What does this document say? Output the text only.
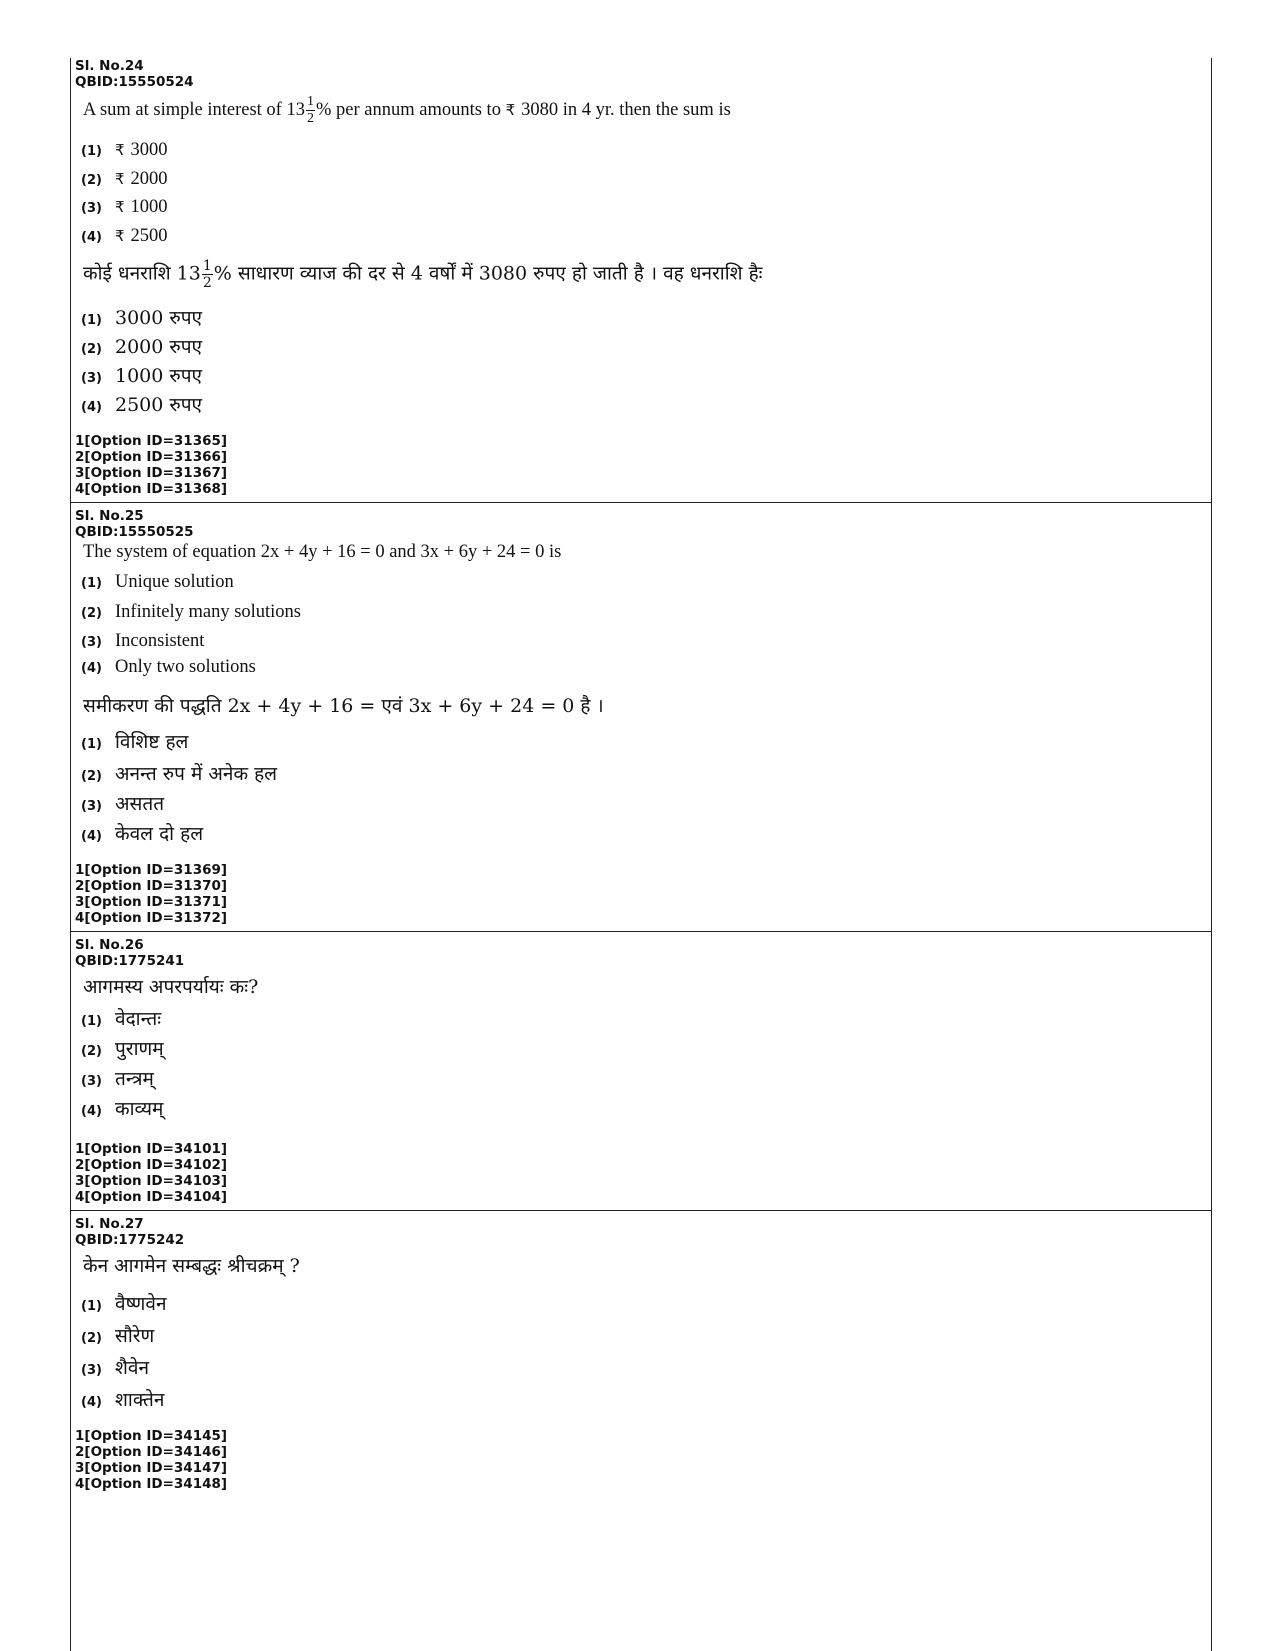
Sl. No.24
QBID:15550524
A sum at simple interest of $13 \frac{1}{2}$ % per annum amounts to ₹ 3080 in 4 yr. then the sum is
(1) ₹ 3000
(2) ₹ 2000
(3) ₹ 1000
(4) ₹ 2500
कोई धनराशि $13 \frac{1}{2}$ % साधारण व्याज की दर से 4 वर्षों में 3080 रुपए हो जाती है । वह धनराशि हैः
(1) 3000 रुपए
(2) 2000 रुपए
(3) 1000 रुपए
(4) 2500 रुपए
1[Option ID=31365]
2[Option ID=31366]
3[Option ID=31367]
4[Option ID=31368]
Sl. No.25
QBID:15550525
The system of equation 2x + 4y + 16 = 0 and 3x + 6y + 24 = 0 is
(1) Unique solution
(2) Infinitely many solutions
(3) Inconsistent
(4) Only two solutions
समीकरण की पद्धति 2x + 4y + 16 = एवं 3x + 6y + 24 = 0 है ।
(1) विशिष्ट हल
(2) अनन्त रुप में अनेक हल
(3) असतत
(4) केवल दो हल
1[Option ID=31369]
2[Option ID=31370]
3[Option ID=31371]
4[Option ID=31372]
Sl. No.26
QBID:1775241
आगमस्य अपरपर्यायः कः?
(1) वेदान्तः
(2) पुराणम्
(3) तन्त्रम्
(4) काव्यम्
1[Option ID=34101]
2[Option ID=34102]
3[Option ID=34103]
4[Option ID=34104]
Sl. No.27
QBID:1775242
केन आगमेन सम्बद्धः श्रीचक्रम् ?
(1) वैष्णवेन
(2) सौरेण
(3) शैवेन
(4) शाक्तेन
1[Option ID=34145]
2[Option ID=34146]
3[Option ID=34147]
4[Option ID=34148]
